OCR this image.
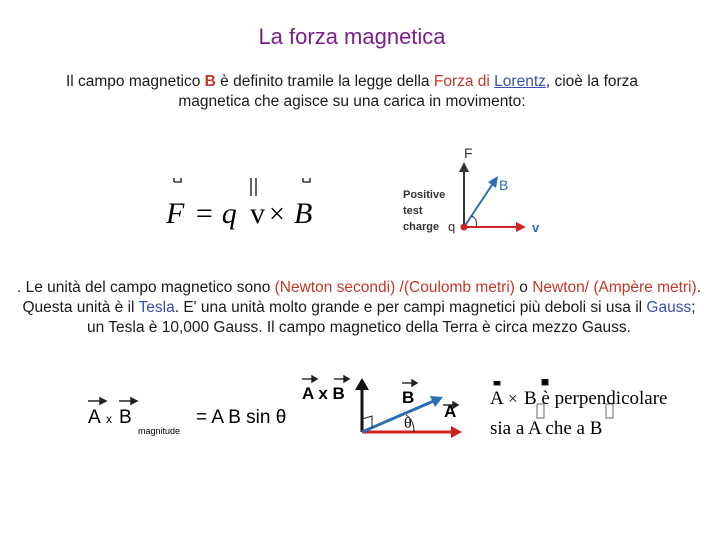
La forza magnetica
Il campo magnetico B è definito tramile la legge della Forza di Lorentz, cioè la forza magnetica che agisce su una carica in movimento:
F = q v × B
F
B
v
Positive
test
charge q
. Le unità del campo magnetico sono (Newton secondi) /(Coulomb metri) o Newton/ (Ampère metri). Questa unità è il Tesla. E' una unità molto grande e per campi magnetici più deboli si usa il Gauss; un Tesla è 10,000 Gauss. Il campo magnetico della Terra è circa mezzo Gauss.
A x B
magnitude
= A B sin θ
A x B	B
A
θ
A × B è perpendicolare
sia a A che a B
